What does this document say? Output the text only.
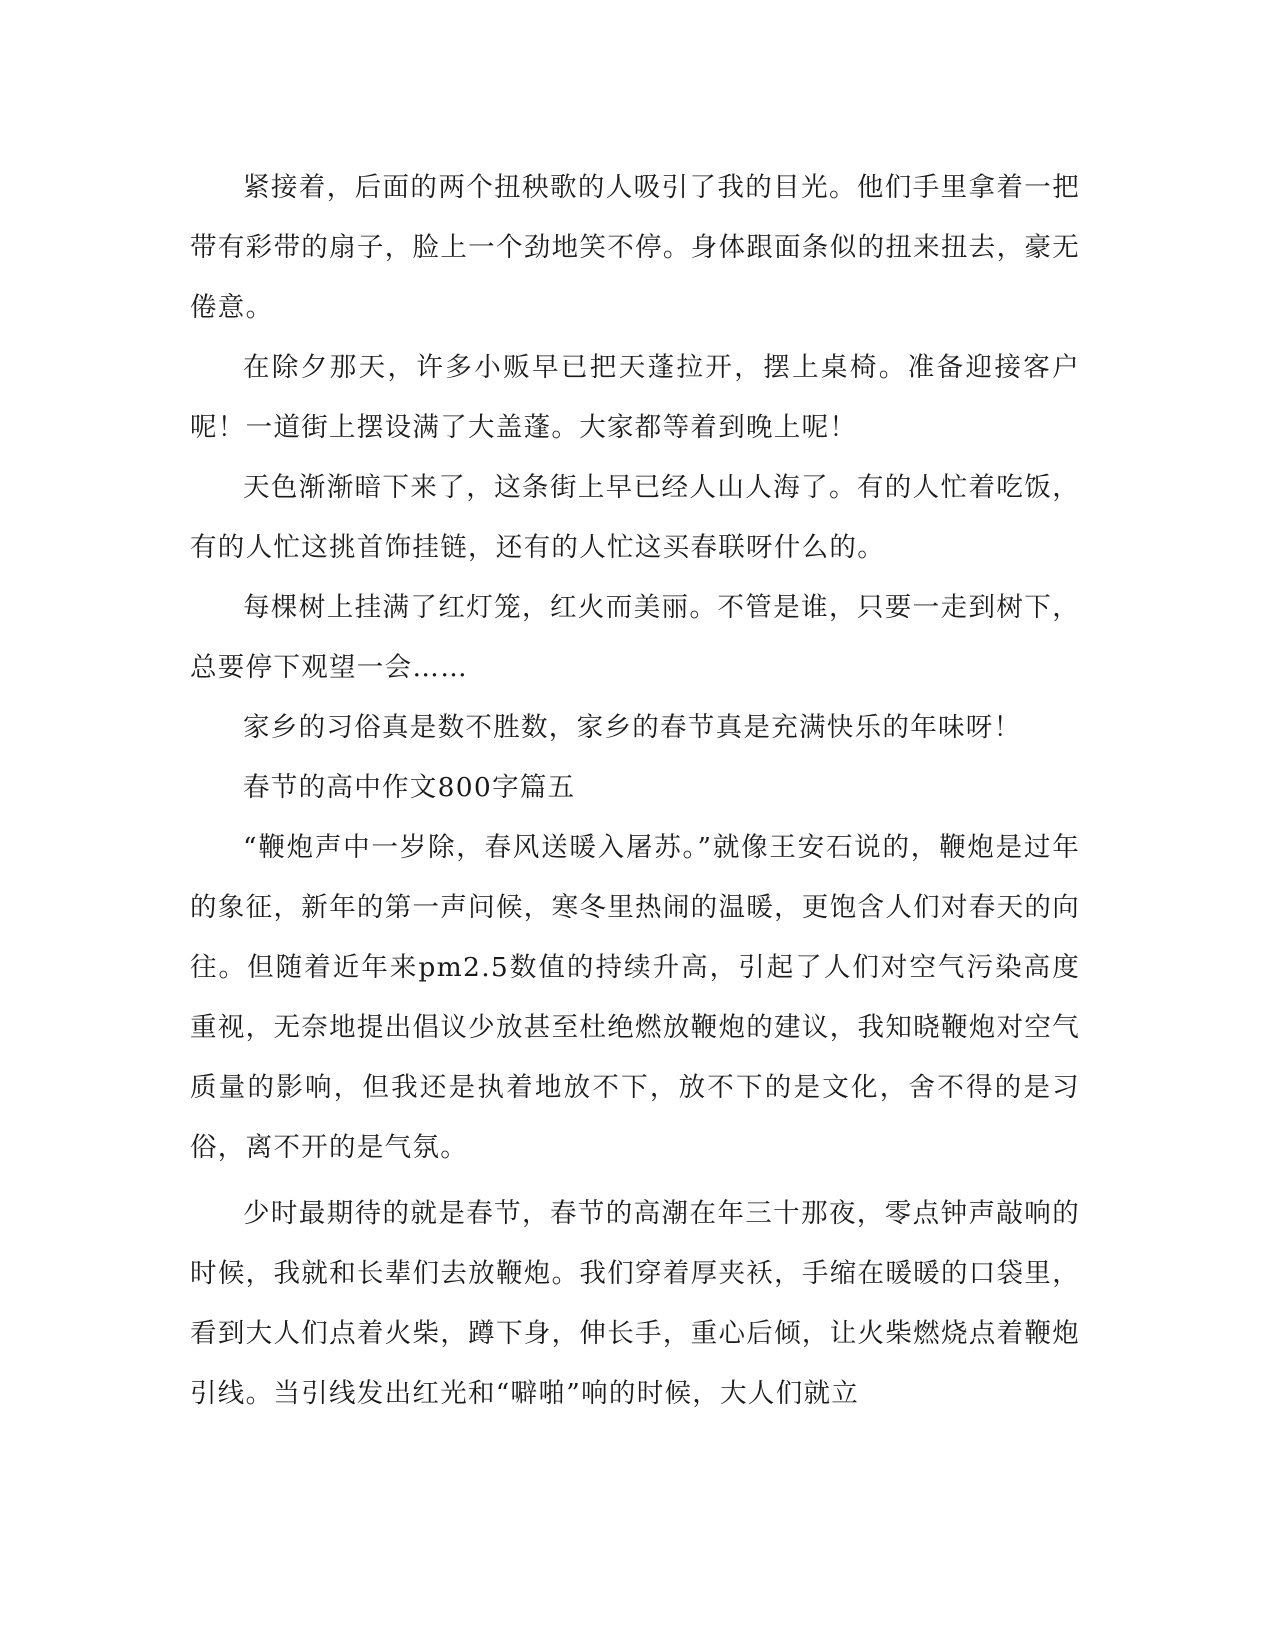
紧接着，后面的两个扭秧歌的人吸引了我的目光。他们手里拿着一把带有彩带的扇子，脸上一个劲地笑不停。身体跟面条似的扭来扭去，豪无倦意。

在除夕那天，许多小贩早已把天蓬拉开，摆上桌椅。准备迎接客户呢！一道街上摆设满了大盖蓬。大家都等着到晚上呢！

天色渐渐暗下来了，这条街上早已经人山人海了。有的人忙着吃饭，有的人忙这挑首饰挂链，还有的人忙这买春联呀什么的。

每棵树上挂满了红灯笼，红火而美丽。不管是谁，只要一走到树下，总要停下观望一会……

家乡的习俗真是数不胜数，家乡的春节真是充满快乐的年味呀！

春节的高中作文800字篇五

“鞭炮声中一岁除，春风送暖入屠苏。”就像王安石说的，鞭炮是过年的象征，新年的第一声问候，寒冬里热闹的温暖，更饱含人们对春天的向往。但随着近年来pm2.5数值的持续升高，引起了人们对空气污染高度重视，无奈地提出倡议少放甚至杜绝燃放鞭炮的建议，我知晓鞭炮对空气质量的影响，但我还是执着地放不下，放不下的是文化，舍不得的是习俗，离不开的是气氛。

少时最期待的就是春节，春节的高潮在年三十那夜，零点钟声敲响的时候，我就和长辈们去放鞭炮。我们穿着厚夹袄，手缩在暖暖的口袋里，看到大人们点着火柴，蹲下身，伸长手，重心后倾，让火柴燃烧点着鞭炮引线。当引线发出红光和“噼啪”响的时候，大人们就立
